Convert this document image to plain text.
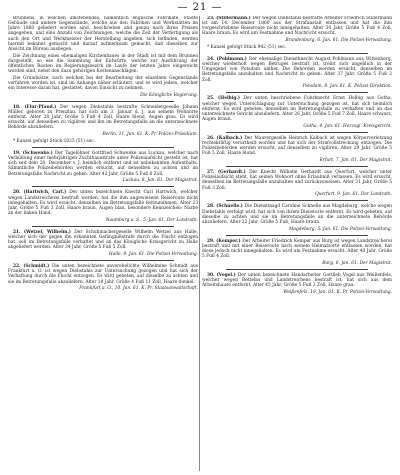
— 21 —

Brunnens, in welchen umstehendes, namentlich englische Fabrikate, Städte Gebäude und andere Gegenstände, welche aus den Fabriken und Werkstätten im Jahre 1860 geliefert worden sind, beschrieben und genau nach ihren Preisen angegeben, und eine Anzahl von Zeichnungen, welche die Zeit der Verfertigung als auch den Ort und Werkmeister der Herstellung angeben, sich befinden, werden hiermit bekannt gemacht und darauf aufmerksam gemacht, daß dieselben zur Ansicht im Büreau ausliegen.

Die Zeichnung eines ehemaligen Kirchenbaues in der Stadt ist mit dem Brunnen dargestellt, so wie die Sammlung der Entwürfe, welche zur Ausführung der öffentlichen Bauten im Regierungsbezirk im Laufe der letzten Jahre eingereicht worden sind, nebst den dazu gehörigen Kostenanschlägen.

Die Grundsätze, nach welchen bei der Bearbeitung der einzelnen Gegenstände verfahren worden ist, sind im Anhange näher erläutert, und es wird jedem, welcher ein Interesse daran hat, gestattet, davon Einsicht zu nehmen.

Die Königliche Regierung.

18. (Flur-Pfand.) Der wegen Diebstahls bestrafte Schneidergeselle Johann Müller, geboren zu Prenzlau, hat sich am 3. Januar d. J. aus seinem Wohnorte entfernt. Alter 28 Jahr, Größe 5 Fuß 4 Zoll, Haare blond, Augen grau. Es wird ersucht, auf denselben zu vigiliren und ihn im Betretungsfalle an die unterzeichnete Behörde abzuliefern.

Berlin, 11. Jan. 61. K. Pr. Polizei-Präsidium.

* Kanzel gefolgt Stück 1025 (51) sec.

19. (Schwenke.) Der Tagelöhner Gottfried Schwenke aus Luckau, welcher nach Verbüßung einer mehrjährigen Zuchthausstrafe unter Polizeiaufsicht gestellt ist, hat sich seit dem 20. December v. J. heimlich entfernt und ist unbekannten Aufenthalts. Sämmtliche Polizeibehörden werden ersucht, auf denselben zu achten und im Betretungsfalle Nachricht zu geben. Alter 42 Jahr, Größe 5 Fuß 6 Zoll.

Luckau, 8. Jan. 61. Der Magistrat.

20. (Hartwich, Carl.) Der unten bezeichnete Knecht Carl Hartwich, welcher wegen Landstreicherei bestraft worden, hat die ihm angewiesene Reiseroute nicht innegehalten. Es wird ersucht, denselben im Betretungsfalle festzunehmen. Alter 23 Jahr, Größe 5 Fuß 3 Zoll, Haare braun, Augen blau, besondere Kennzeichen: Narbe an der linken Hand.

Naumburg a. S., 5. Jan. 61. Der Landrath.

21. (Wetzel, Wilhelm.) Der Schuhmachergeselle Wilhelm Wetzel aus Halle, welcher sich der gegen ihn erkannten Gefängnißstrafe durch die Flucht entzogen hat, soll im Betretungsfalle verhaftet und an das Königliche Kreisgericht zu Halle abgeliefert werden. Alter 34 Jahr, Größe 5 Fuß 5 Zoll.

Halle, 9. Jan. 61. Die Polizei-Verwaltung.

22. (Schmidt.) Die unten bezeichnete unverehelichte Wilhelmine Schmidt aus Frankfurt a. O. ist wegen Diebstahls zur Untersuchung gezogen und hat sich der Verhaftung durch die Flucht entzogen. Es wird gebeten, auf dieselbe zu achten und sie im Betretungsfalle abzuliefern. Alter 19 Jahr, Größe 4 Fuß 11 Zoll, Haare dunkel.

Frankfurt a. O., 10. Jan. 61. K. Pr. Staatsanwaltschaft.

23. (Stillermann.) Der wegen Diebstahls bestrafte Arbeiter Friedrich Stillermann ist am 14. December 1860 aus der Strafanstalt entlassen und hat die ihm vorgeschriebene Reiseroute nicht innegehalten. Alter 30 Jahr, Größe 5 Fuß 4 Zoll, Haare braun. Es wird um Festnahme und Nachricht ersucht.

Brandenburg, 6. Jan. 61. Die Polizei-Verwaltung.

* Kanzel gefolgt Stück 942 (51) sec.

24. (Pohlmann.) Der ehemalige Dienstknecht August Pohlmann aus Wittenberg, welcher wiederholt wegen Betruges bestraft ist, treibt sich angeblich in der Umgegend von Potsdam umher. Die Behörden werden ersucht, denselben im Betretungsfalle anzuhalten und Nachricht zu geben. Alter 37 Jahr, Größe 5 Fuß 2 Zoll.

Potsdam, 8. Jan. 61. K. Polizei-Direktion.

25. (Helbig.) Der unten beschriebene Fuhrknecht Ernst Helbig aus Gotha, welcher wegen Unterschlagung zur Untersuchung gezogen ist, hat sich heimlich entfernt. Es wird gebeten, denselben im Betretungsfalle zu verhaften und an das unterzeichnete Gericht abzuliefern. Alter 26 Jahr, Größe 5 Fuß 7 Zoll, Haare schwarz, Augen braun.

Gotha, 4. Jan. 61. Herzogl. Kreisgericht.

26. (Kalbach.) Der Maurergeselle Heinrich Kalbach ist wegen Körperverletzung rechtskräftig verurtheilt worden und hat sich der Strafvollstreckung entzogen. Die Polizeibehörden werden ersucht, auf denselben zu vigiliren. Alter 29 Jahr, Größe 5 Fuß 5 Zoll, Haare blond.

Erfurt, 7. Jan. 61. Der Magistrat.

27. (Gerhardt.) Der Knecht Wilhelm Gerhardt aus Querfurt, welcher unter Polizeiaufsicht steht, hat seinen Wohnort ohne Erlaubniß verlassen. Es wird ersucht, denselben im Betretungsfalle anzuhalten und zurückzuweisen. Alter 31 Jahr, Größe 5 Fuß 3 Zoll.

Querfurt, 9. Jan. 61. Der Landrath.

28. (Schnelle.) Die Dienstmagd Caroline Schnelle aus Magdeburg, welche wegen Diebstahls verfolgt wird, hat sich von ihrem Dienstorte entfernt. Es wird gebeten, auf dieselbe zu achten und sie im Betretungsfalle an die unterzeichnete Behörde abzuliefern. Alter 22 Jahr, Größe 5 Fuß, Haare braun.

Magdeburg, 5. Jan. 61. Die Polizei-Verwaltung.

29. (Kemper.) Der Arbeiter Friedrich Kemper aus Burg ist wegen Landstreicherei bestraft und mit einer Reiseroute nach seinem Heimatsorte entlassen worden, hat diese jedoch nicht innegehalten. Es wird um Festnahme ersucht. Alter 40 Jahr, Größe 5 Fuß 4 Zoll.

Burg, 6. Jan. 61. Der Magistrat.

30. (Vogel.) Der unten bezeichnete Handarbeiter Gottlieb Vogel aus Weißenfels, welcher wegen Bettelns und Landstreichens bestraft ist, hat sich aus dem Arbeitshause entfernt. Alter 45 Jahr, Größe 5 Fuß 2 Zoll, Haare grau.

Weißenfels, 10. Jan. 61. K. Pr. Polizei-Verwaltung.
